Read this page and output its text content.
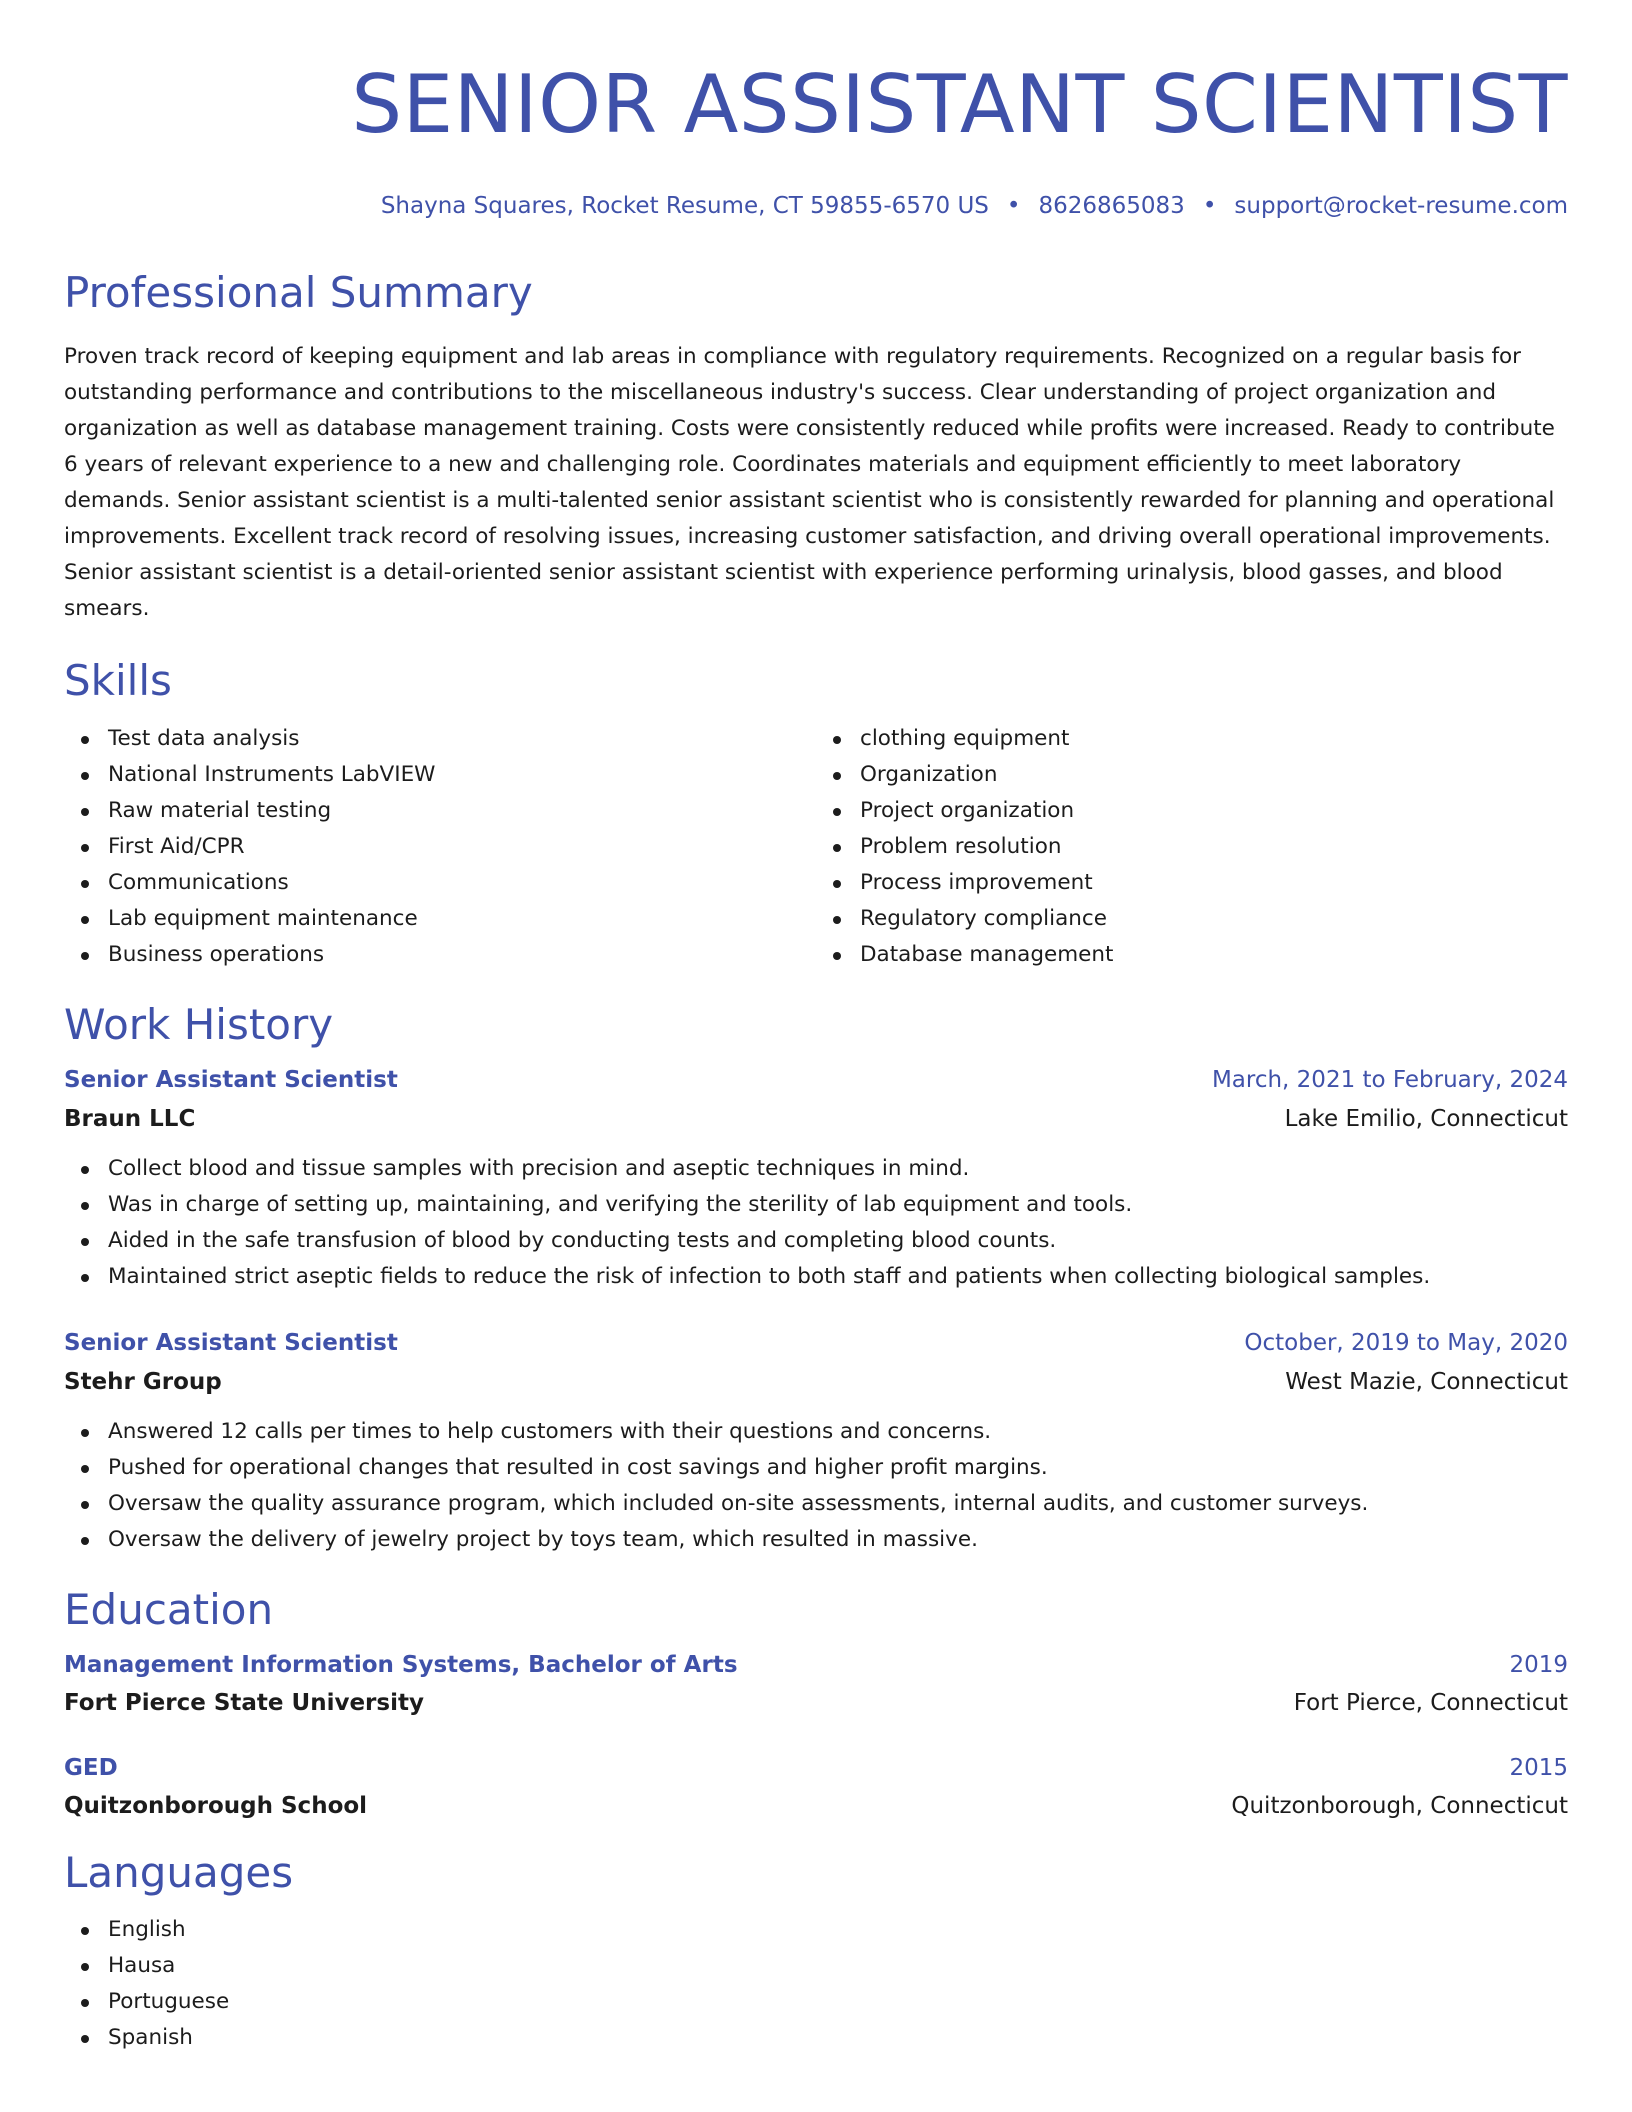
SENIOR ASSISTANT SCIENTIST
Shayna Squares, Rocket Resume, CT 59855-6570 US • 8626865083 • support@rocket-resume.com
Professional Summary

Proven track record of keeping equipment and lab areas in compliance with regulatory requirements. Recognized on a regular basis for outstanding performance and contributions to the miscellaneous industry's success. Clear understanding of project organization and organization as well as database management training. Costs were consistently reduced while profits were increased. Ready to contribute 6 years of relevant experience to a new and challenging role. Coordinates materials and equipment efficiently to meet laboratory demands. Senior assistant scientist is a multi-talented senior assistant scientist who is consistently rewarded for planning and operational improvements. Excellent track record of resolving issues, increasing customer satisfaction, and driving overall operational improvements. Senior assistant scientist is a detail-oriented senior assistant scientist with experience performing urinalysis, blood gasses, and blood smears.

Skills
Test data analysis
National Instruments LabVIEW
Raw material testing
First Aid/CPR
Communications
Lab equipment maintenance
Business operations
clothing equipment
Organization
Project organization
Problem resolution
Process improvement
Regulatory compliance
Database management
Work History
Senior Assistant Scientist	March, 2021 to February, 2024
Braun LLC	Lake Emilio, Connecticut
Collect blood and tissue samples with precision and aseptic techniques in mind.
Was in charge of setting up, maintaining, and verifying the sterility of lab equipment and tools.
Aided in the safe transfusion of blood by conducting tests and completing blood counts.
Maintained strict aseptic fields to reduce the risk of infection to both staff and patients when collecting biological samples.
Senior Assistant Scientist	October, 2019 to May, 2020
Stehr Group	West Mazie, Connecticut
Answered 12 calls per times to help customers with their questions and concerns.
Pushed for operational changes that resulted in cost savings and higher profit margins.
Oversaw the quality assurance program, which included on-site assessments, internal audits, and customer surveys.
Oversaw the delivery of jewelry project by toys team, which resulted in massive.
Education
Management Information Systems, Bachelor of Arts	2019
Fort Pierce State University	Fort Pierce, Connecticut
GED	2015
Quitzonborough School	Quitzonborough, Connecticut
Languages
English
Hausa
Portuguese
Spanish
